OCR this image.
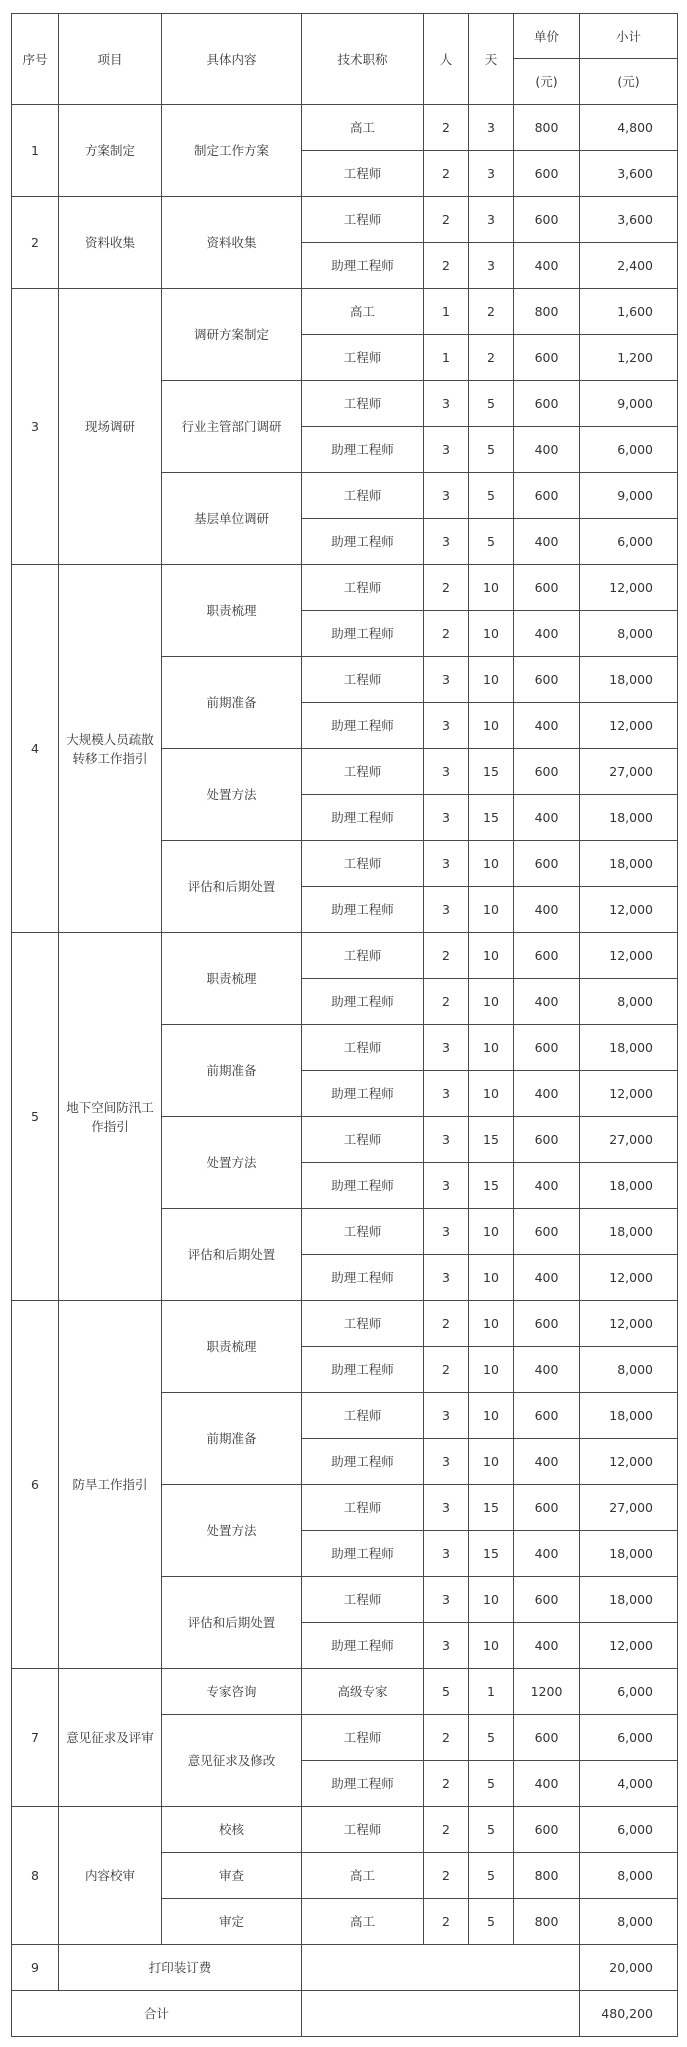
序号	项目	具体内容	技术职称	人	天	单价	小计
						(元)	(元)
1	方案制定	制定工作方案	高工	2	3	800	4,800
			工程师	2	3	600	3,600
2	资料收集	资料收集	工程师	2	3	600	3,600
			助理工程师	2	3	400	2,400
3	现场调研	调研方案制定	高工	1	2	800	1,600
			工程师	1	2	600	1,200
		行业主管部门调研	工程师	3	5	600	9,000
			助理工程师	3	5	400	6,000
		基层单位调研	工程师	3	5	600	9,000
			助理工程师	3	5	400	6,000
4	大规模人员疏散转移工作指引	职责梳理	工程师	2	10	600	12,000
			助理工程师	2	10	400	8,000
		前期准备	工程师	3	10	600	18,000
			助理工程师	3	10	400	12,000
		处置方法	工程师	3	15	600	27,000
			助理工程师	3	15	400	18,000
		评估和后期处置	工程师	3	10	600	18,000
			助理工程师	3	10	400	12,000
5	地下空间防汛工作指引	职责梳理	工程师	2	10	600	12,000
			助理工程师	2	10	400	8,000
		前期准备	工程师	3	10	600	18,000
			助理工程师	3	10	400	12,000
		处置方法	工程师	3	15	600	27,000
			助理工程师	3	15	400	18,000
		评估和后期处置	工程师	3	10	600	18,000
			助理工程师	3	10	400	12,000
6	防旱工作指引	职责梳理	工程师	2	10	600	12,000
			助理工程师	2	10	400	8,000
		前期准备	工程师	3	10	600	18,000
			助理工程师	3	10	400	12,000
		处置方法	工程师	3	15	600	27,000
			助理工程师	3	15	400	18,000
		评估和后期处置	工程师	3	10	600	18,000
			助理工程师	3	10	400	12,000
7	意见征求及评审	专家咨询	高级专家	5	1	1200	6,000
		意见征求及修改	工程师	2	5	600	6,000
			助理工程师	2	5	400	4,000
8	内容校审	校核	工程师	2	5	600	6,000
		审查	高工	2	5	800	8,000
		审定	高工	2	5	800	8,000
9	打印装订费						20,000
合计							480,200
